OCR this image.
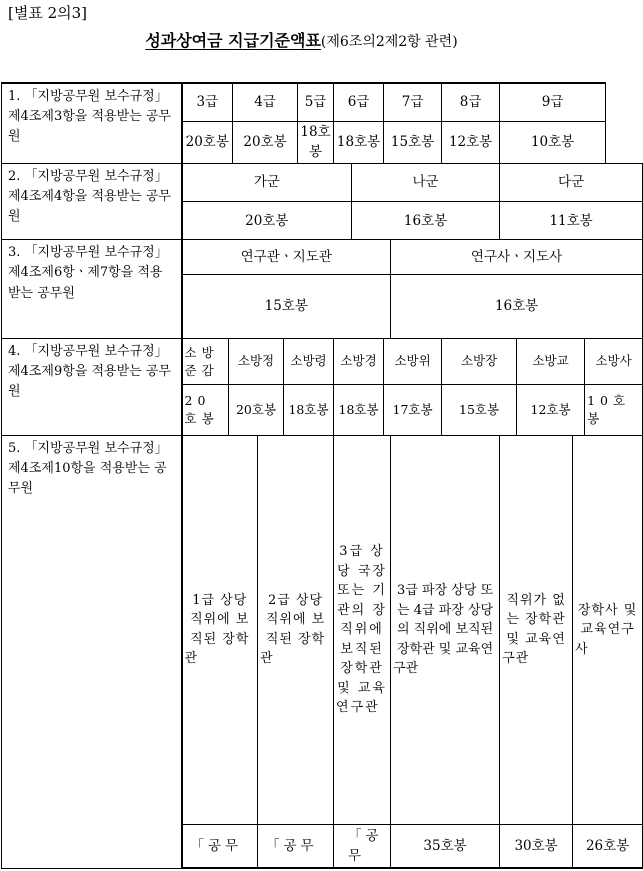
[별표 2의3]
성과상여금 지급기준액표(제6조의2제2항 관련)
1. 「지방공무원 보수규정」 제4조제3항을 적용받는 공무원	3급		4급			5급	6급		7급		8급	9급			
	20호봉		20호봉			18호봉	18호봉		15호봉		12호봉	10호봉			
2. 「지방공무원 보수규정」 제4조제4항을 적용받는 공무원	가군							나군				다군			
	20호봉							16호봉				11호봉			
3. 「지방공무원 보수규정」 제4조제6항ㆍ제7항을 적용받는 공무원	연구관ㆍ지도관									연구사ㆍ지도사					
	15호봉									16호봉					
4. 「지방공무원 보수규정」 제4조제9항을 적용받는 공무원	소방준감	소방정			소방령		소방경		소방위		소방장		소방교		소방사
	20호봉	20호봉			18호봉		18호봉		17호봉		15호봉		12호봉		10호봉
5. 「지방공무원 보수규정」 제4조제10항을 적용받는 공무원	1급 상당 직위에 보직된 장학관			2급 상당 직위에 보직된 장학관			3급 상당 국장 또는 기관의 장 직위에 보직된 장학관 및 교육연구관			3급 파장 상당 또는 4급 파장 상당의 직위에 보직된 장학관 및 교육연구관		직위가 없는 장학관 및 교육연구관		장학사 및 교육연구사	
	「공무			「공무			「공무			35호봉		30호봉		26호봉	
